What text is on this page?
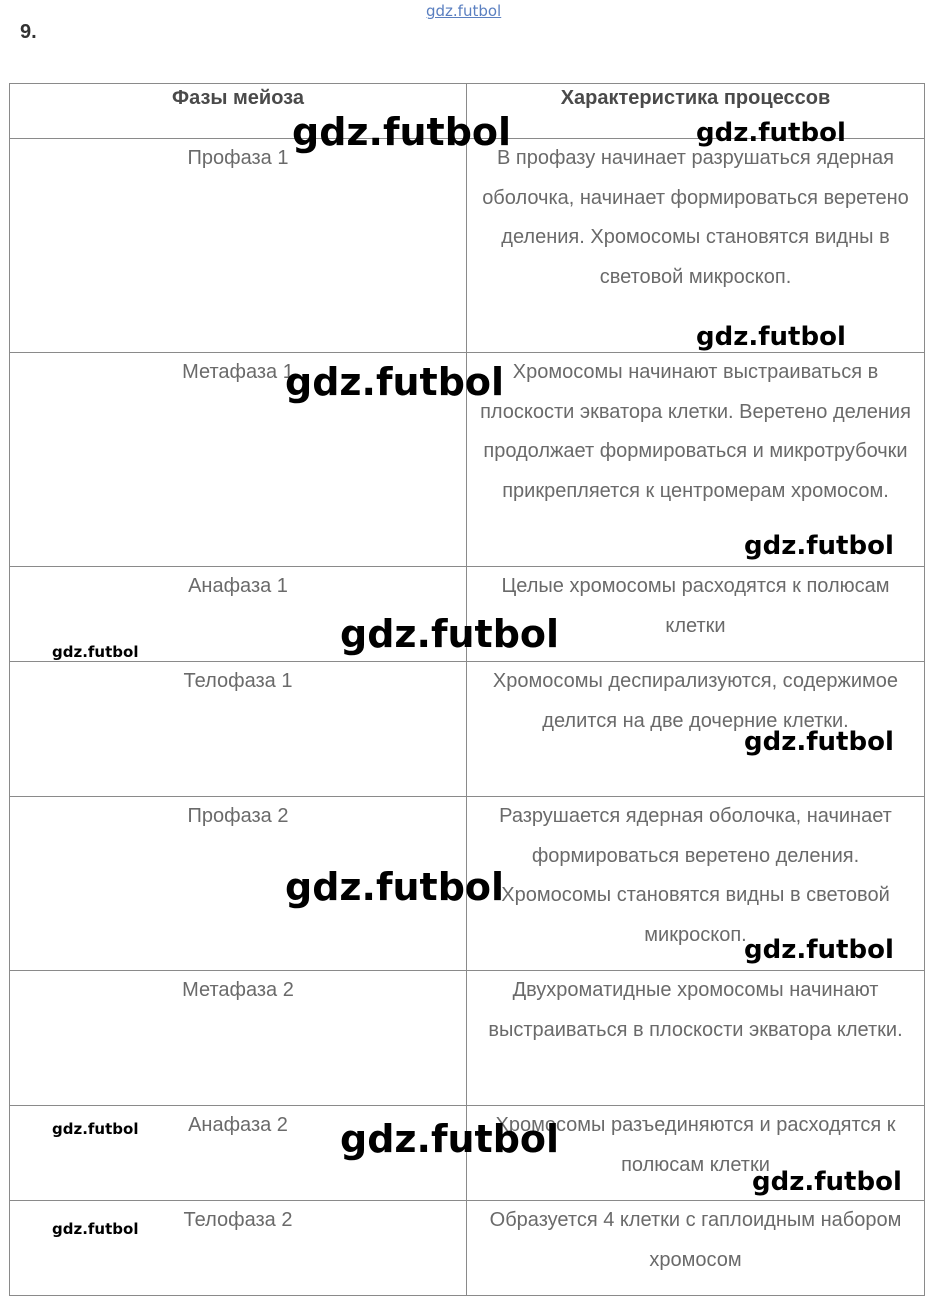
gdz.futbol
9.
Фазы мейоза	Характеристика процессов
Профаза 1	В профазу начинает разрушаться ядерная оболочка, начинает формироваться веретено деления. Хромосомы становятся видны в световой микроскоп.
Метафаза 1	Хромосомы начинают выстраиваться в плоскости экватора клетки. Веретено деления продолжает формироваться и микротрубочки прикрепляется к центромерам хромосом.
Анафаза 1	Целые хромосомы расходятся к полюсам клетки
Телофаза 1	Хромосомы деспирализуются, содержимое делится на две дочерние клетки.
Профаза 2	Разрушается ядерная оболочка, начинает формироваться веретено деления. Хромосомы становятся видны в световой микроскоп.
Метафаза 2	Двухроматидные хромосомы начинают выстраиваться в плоскости экватора клетки.
Анафаза 2	Хромосомы разъединяются и расходятся к полюсам клетки
Телофаза 2	Образуется 4 клетки с гаплоидным набором хромосом
gdz.futbol	gdz.futbol
gdz.futbol
gdz.futbol
gdz.futbol
gdz.futbol
gdz.futbol
gdz.futbol
gdz.futbol
gdz.futbol
gdz.futbol	gdz.futbol
gdz.futbol
gdz.futbol
